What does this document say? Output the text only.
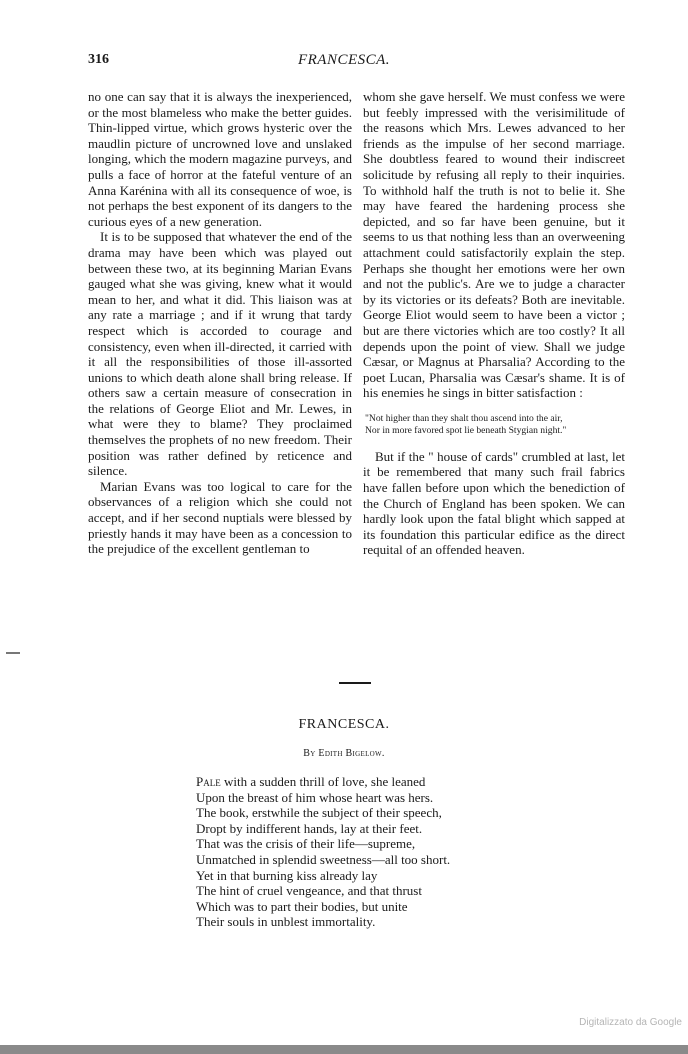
316	FRANCESCA.

no one can say that it is always the inexperienced, or the most blameless who make the better guides. Thin-lipped virtue, which grows hysteric over the maudlin picture of uncrowned love and unslaked longing, which the modern magazine purveys, and pulls a face of horror at the fateful venture of an Anna Karénina with all its consequence of woe, is not perhaps the best exponent of its dangers to the curious eyes of a new generation.

It is to be supposed that whatever the end of the drama may have been which was played out between these two, at its beginning Marian Evans gauged what she was giving, knew what it would mean to her, and what it did. This liaison was at any rate a marriage ; and if it wrung that tardy respect which is accorded to courage and consistency, even when ill-directed, it carried with it all the responsibilities of those ill-assorted unions to which death alone shall bring release. If others saw a certain measure of consecration in the relations of George Eliot and Mr. Lewes, in what were they to blame? They proclaimed themselves the prophets of no new freedom. Their position was rather defined by reticence and silence.

Marian Evans was too logical to care for the observances of a religion which she could not accept, and if her second nuptials were blessed by priestly hands it may have been as a concession to the prejudice of the excellent gentleman to

whom she gave herself. We must confess we were but feebly impressed with the verisimilitude of the reasons which Mrs. Lewes advanced to her friends as the impulse of her second marriage. She doubtless feared to wound their indiscreet solicitude by refusing all reply to their inquiries. To withhold half the truth is not to belie it. She may have feared the hardening process she depicted, and so far have been genuine, but it seems to us that nothing less than an overweening attachment could satisfactorily explain the step. Perhaps she thought her emotions were her own and not the public's. Are we to judge a character by its victories or its defeats? Both are inevitable. George Eliot would seem to have been a victor ; but are there victories which are too costly? It all depends upon the point of view. Shall we judge Cæsar, or Magnus at Pharsalia? According to the poet Lucan, Pharsalia was Cæsar's shame. It is of his enemies he sings in bitter satisfaction :

"Not higher than they shalt thou ascend into the air,
Nor in more favored spot lie beneath Stygian night."

But if the " house of cards" crumbled at last, let it be remembered that many such frail fabrics have fallen before upon which the benediction of the Church of England has been spoken. We can hardly look upon the fatal blight which sapped at its foundation this particular edifice as the direct requital of an offended heaven.

FRANCESCA.
By Edith Bigelow.
Pale with a sudden thrill of love, she leaned
Upon the breast of him whose heart was hers.
The book, erstwhile the subject of their speech,
Dropt by indifferent hands, lay at their feet.
That was the crisis of their life—supreme,
Unmatched in splendid sweetness—all too short.
Yet in that burning kiss already lay
The hint of cruel vengeance, and that thrust
Which was to part their bodies, but unite
Their souls in unblest immortality.
Digitalizzato da Google
